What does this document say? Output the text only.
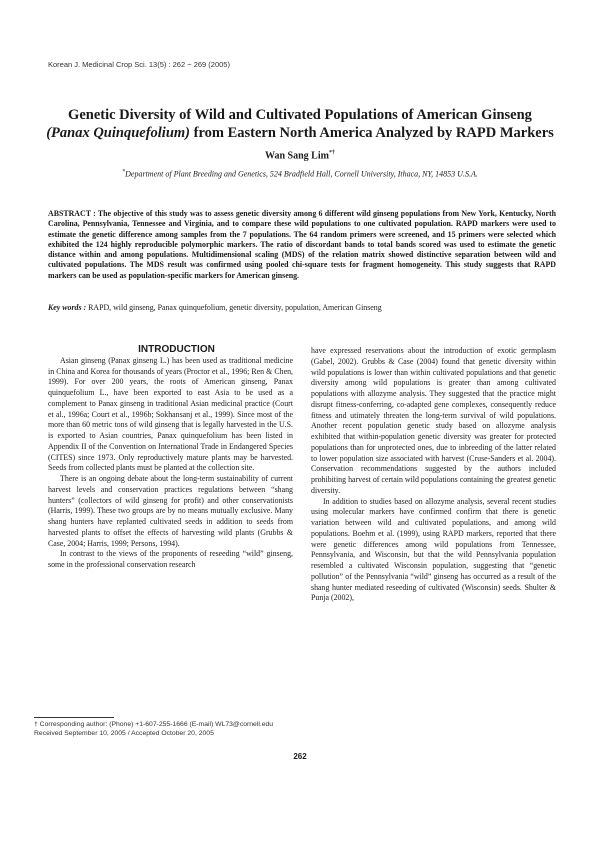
Korean J. Medicinal Crop Sci. 13(5) : 262 − 269 (2005)
Genetic Diversity of Wild and Cultivated Populations of American Ginseng
(Panax Quinquefolium) from Eastern North America Analyzed by RAPD Markers
Wan Sang Lim*†
*Department of Plant Breeding and Genetics, 524 Bradfield Hall, Cornell University, Ithaca, NY, 14853 U.S.A.
ABSTRACT : The objective of this study was to assess genetic diversity among 6 different wild ginseng populations from New York, Kentucky, North Carolina, Pennsylvania, Tennessee and Virginia, and to compare these wild populations to one cultivated population. RAPD markers were used to estimate the genetic difference among samples from the 7 populations. The 64 random primers were screened, and 15 primers were selected which exhibited the 124 highly reproducible polymorphic markers. The ratio of discordant bands to total bands scored was used to estimate the genetic distance within and among populations. Multidimensional scaling (MDS) of the relation matrix showed distinctive separation between wild and cultivated populations. The MDS result was confirmed using pooled chi-square tests for fragment homogeneity. This study suggests that RAPD markers can be used as population-specific markers for American ginseng.
Key words : RAPD, wild ginseng, Panax quinquefolium, genetic diversity, population, American Ginseng

INTRODUCTION

Asian ginseng (Panax ginseng L.) has been used as traditional medicine in China and Korea for thousands of years (Proctor et al., 1996; Ren & Chen, 1999). For over 200 years, the roots of American ginseng, Panax quinquefolium L., have been exported to east Asia to be used as a complement to Panax ginseng in traditional Asian medicinal practice (Court et al., 1996a; Court et al., 1996b; Sokhansanj et al., 1999). Since most of the more than 60 metric tons of wild ginseng that is legally harvested in the U.S. is exported to Asian countries, Panax quinquefolium has been listed in Appendix II of the Convention on International Trade in Endangered Species (CITES) since 1973. Only reproductively mature plants may be harvested. Seeds from collected plants must be planted at the collection site.

There is an ongoing debate about the long-term sustainability of current harvest levels and conservation practices regulations between “shang hunters” (collectors of wild ginseng for profit) and other conservationists (Harris, 1999). These two groups are by no means mutually exclusive. Many shang hunters have replanted cultivated seeds in addition to seeds from harvested plants to offset the effects of harvesting wild plants (Grubbs & Case, 2004; Harris, 1999; Persons, 1994).

In contrast to the views of the proponents of reseeding “wild” ginseng, some in the professional conservation research

have expressed reservations about the introduction of exotic germplasm (Gabel, 2002). Grubbs & Case (2004) found that genetic diversity within wild populations is lower than within cultivated populations and that genetic diversity among wild populations is greater than among cultivated populations with allozyme analysis. They suggested that the practice might disrupt fitness-conferring, co-adapted gene complexes, consequently reduce fitness and utimately threaten the long-term survival of wild populations. Another recent population genetic study based on allozyme analysis exhibited that within-population genetic diversity was greater for protected populations than for unprotected ones, due to inbreeding of the latter related to lower population size associated with harvest (Cruse-Sanders et al. 2004). Conservation recommendations suggested by the authors included prohibiting harvest of certain wild populations containing the greatest genetic diversity.

In addition to studies based on allozyme analysis, several recent studies using molecular markers have confirmed confirm that there is genetic variation between wild and cultivated populations, and among wild populations. Boehm et al. (1999), using RAPD markers, reported that there were genetic differences among wild populations from Tennessee, Pennsylvania, and Wisconsin, but that the wild Pennsylvania population resembled a cultivated Wisconsin population, suggesting that “genetic pollution” of the Pennsylvania “wild” ginseng has occurred as a result of the shang hunter mediated reseeding of cultivated (Wisconsin) seeds. Shulter & Punja (2002),

† Corresponding author: (Phone) +1-607-255-1666 (E-mail) WL73@cornell.edu
Received September 10, 2005 / Accepted October 20, 2005
262
